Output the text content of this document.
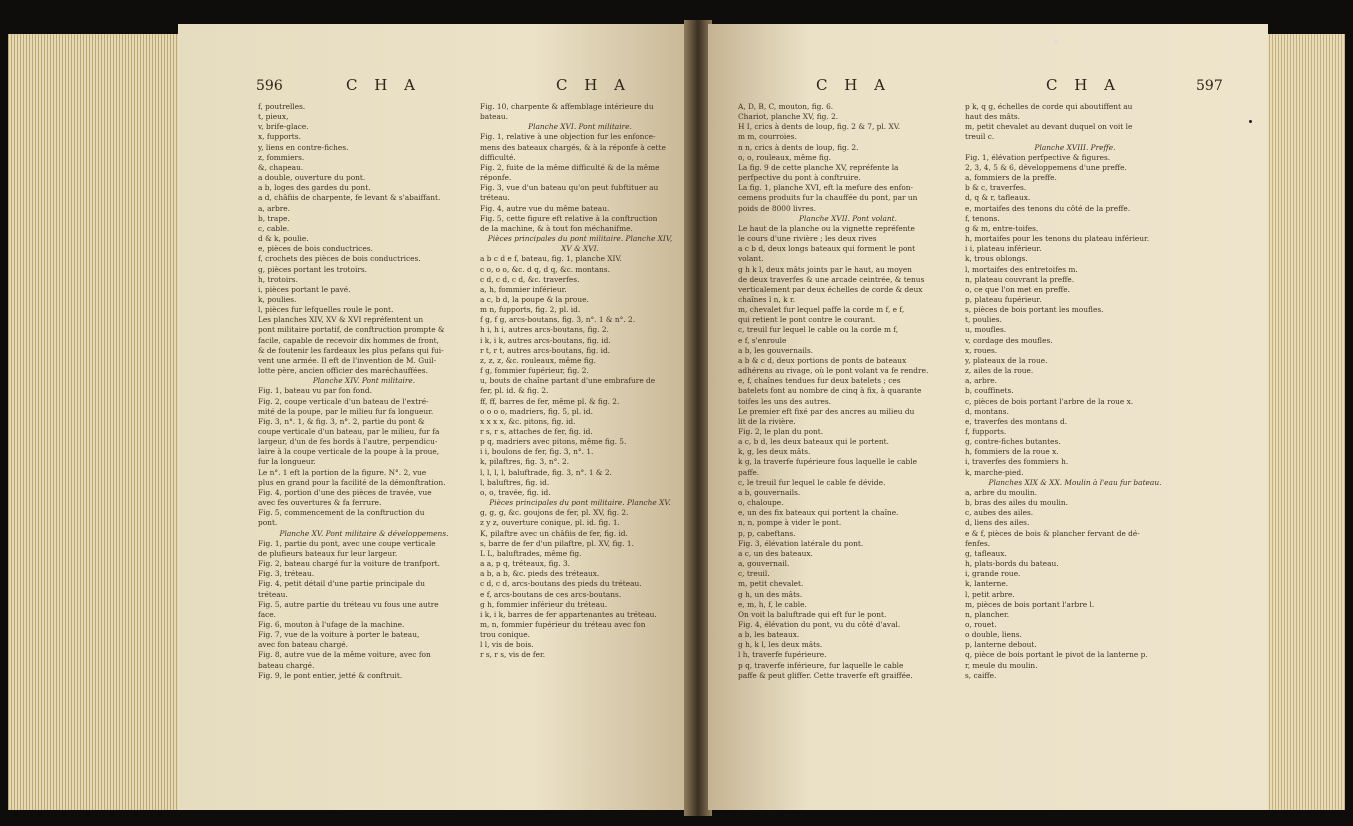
596	C H A	C H A
f, poutrelles.
t, pieux,
v, brife-glace.
x, fupports.
y, liens en contre-fiches.
z, fommiers.
&, chapeau.
a double, ouverture du pont.
a b, loges des gardes du pont.
a d, châfiis de charpente, fe levant & s'abaiffant.
a, arbre.
b, trape.
c, cable.
d & k, poulie.
e, pièces de bois conductrices.
f, crochets des pièces de bois conductrices.
g, pièces portant les trotoirs.
h, trotoirs.
i, pièces portant le pavé.
k, poulies.
l, pièces fur lefquelles roule le pont.
Les planches XIV, XV & XVI repréfentent un
pont militaire portatif, de conftruction prompte &
facile, capable de recevoir dix hommes de front,
& de foutenir les fardeaux les plus pefans qui fui-
vent une armée. Il eft de l'invention de M. Guil-
lotte père, ancien officier des maréchauffées.
Planche XIV. Pont militaire.
Fig. 1, bateau vu par fon fond.
Fig. 2, coupe verticale d'un bateau de l'extré-
mité de la poupe, par le milieu fur fa longueur.
Fig. 3, n°. 1, & fig. 3, n°. 2, partie du pont &
coupe verticale d'un bateau, par le milieu, fur fa
largeur, d'un de fes bords à l'autre, perpendicu-
laire à la coupe verticale de la poupe à la proue,
fur la longueur.
Le n°. 1 eft la portion de la figure. N°. 2, vue
plus en grand pour la facilité de la démonftration.
Fig. 4, portion d'une des pièces de travée, vue
avec fes ouvertures & fa ferrure.
Fig. 5, commencement de la conftruction du
pont.
Planche XV. Pont militaire & développemens.
Fig. 1, partie du pont, avec une coupe verticale
de plufieurs bateaux fur leur largeur.
Fig. 2, bateau chargé fur la voiture de tranfport.
Fig. 3, tréteau.
Fig. 4, petit détail d'une partie principale du
tréteau.
Fig. 5, autre partie du tréteau vu fous une autre
face.
Fig. 6, mouton à l'ufage de la machine.
Fig. 7, vue de la voiture à porter le bateau,
avec fon bateau chargé.
Fig. 8, autre vue de la même voiture, avec fon
bateau chargé.
Fig. 9, le pont entier, jetté & conftruit.
Fig. 10, charpente & affemblage intérieure du
bateau.
Planche XVI. Pont militaire.
Fig. 1, relative à une objection fur les enfonce-
mens des bateaux chargés, & à la réponfe à cette
difficulté.
Fig. 2, fuite de la même difficulté & de la même
réponfe.
Fig. 3, vue d'un bateau qu'on peut fubftituer au
tréteau.
Fig. 4, autre vue du même bateau.
Fig. 5, cette figure eft relative à la conftruction
de la machine, & à tout fon méchanifme.
Pièces principales du pont militaire. Planche XIV,
XV & XVI.
a b c d e f, bateau, fig. 1, planche XIV.
c o, o o, &c. d q, d q, &c. montans.
c d, c d, c d, &c. traverfes.
a, h, fommier inférieur.
a c, b d, la poupe & la proue.
m n, fupports, fig. 2, pl. id.
f g, f g, arcs-boutans, fig. 3, n°. 1 & n°. 2.
h i, h i, autres arcs-boutans, fig. 2.
i k, i k, autres arcs-boutans, fig. id.
r t, r t, autres arcs-boutans, fig. id.
z, z, z, &c. rouleaux, même fig.
f g, fommier fupérieur, fig. 2.
u, bouts de chaîne partant d'une embrafure de
fer, pl. id. & fig. 2.
ff, ff, barres de fer, même pl. & fig. 2.
o o o o, madriers, fig. 5, pl. id.
x x x x, &c. pitons, fig. id.
r s, r s, attaches de fer, fig. id.
p q, madriers avec pitons, même fig. 5.
i i, boulons de fer, fig. 3, n°. 1.
k, pilaftres, fig. 3, n°. 2.
l, l, l, l, baluftrade, fig. 3, n°. 1 & 2.
l, baluftres, fig. id.
o, o, travée, fig. id.
Pièces principales du pont militaire. Planche XV.
g, g, g, &c. goujons de fer, pl. XV, fig. 2.
z y z, ouverture conique, pl. id. fig. 1.
K, pilaftre avec un châfiis de fer, fig. id.
s, barre de fer d'un pilaftre, pl. XV, fig. 1.
L L, baluftrades, même fig.
a a, p q, tréteaux, fig. 3.
a b, a b, &c. pieds des tréteaux.
c d, c d, arcs-boutans des pieds du tréteau.
e f, arcs-boutans de ces arcs-boutans.
g h, fommier inférieur du tréteau.
i k, i k, barres de fer appartenantes au tréteau.
m, n, fommier fupérieur du tréteau avec fon
trou conique.
l l, vis de bois.
r s, r s, vis de fer.
C H A	C H A	597
A, D, B, C, mouton, fig. 6.
Chariot, planche XV, fig. 2.
H I, crics à dents de loup, fig. 2 & 7, pl. XV.
m m, courroies.
n n, crics à dents de loup, fig. 2.
o, o, rouleaux, même fig.
La fig. 9 de cette planche XV, repréfente la
perfpective du pont à conftruire.
La fig. 1, planche XVI, eft la mefure des enfon-
cemens produits fur la chauffée du pont, par un
poids de 8000 livres.
Planche XVII. Pont volant.
Le haut de la planche ou la vignette repréfente
le cours d'une rivière ; les deux rives
a c b d, deux longs bateaux qui forment le pont
volant.
g h k l, deux mâts joints par le haut, au moyen
de deux traverfes & une arcade ceintrée, & tenus
verticalement par deux échelles de corde & deux
chaînes l n, k r.
m, chevalet fur lequel paffe la corde m f, e f,
qui retient le pont contre le courant.
c, treuil fur lequel le cable ou la corde m f,
e f, s'enroule
a b, les gouvernails.
a b & c d, deux portions de ponts de bateaux
adhérens au rivage, où le pont volant va fe rendre.
e, f, chaînes tendues fur deux batelets ; ces
batelets font au nombre de cinq à fix, à quarante
toifes les uns des autres.
Le premier eft fixé par des ancres au milieu du
lit de la rivière.
Fig. 2, le plan du pont.
a c, b d, les deux bateaux qui le portent.
k, g, les deux mâts.
k g, la traverfe fupérieure fous laquelle le cable
paffe.
c, le treuil fur lequel le cable fe dévide.
a b, gouvernails.
o, chaloupe.
e, un des fix bateaux qui portent la chaîne.
n, n, pompe à vider le pont.
p, p, cabeftans.
Fig. 3, élévation latérale du pont.
a c, un des bateaux.
a, gouvernail.
c, treuil.
m, petit chevalet.
g h, un des mâts.
e, m, h, f, le cable.
On voit la baluftrade qui eft fur le pont.
Fig. 4, élévation du pont, vu du côté d'aval.
a b, les bateaux.
g h, k l, les deux mâts.
l h, traverfe fupérieure.
p q, traverfe inférieure, fur laquelle le cable
paffe & peut gliffer. Cette traverfe eft graiffée.
p k, q g, échelles de corde qui aboutiffent au
haut des mâts.
m, petit chevalet au devant duquel on voit le
treuil c.
Planche XVIII. Preffe.
Fig. 1, élévation perfpective & figures.
2, 3, 4, 5 & 6, développemens d'une preffe.
a, fommiers de la preffe.
b & c, traverfes.
d, q & r, tafleaux.
e, mortaifes des tenons du côté de la preffe.
f, tenons.
g & m, entre-toifes.
h, mortaifes pour les tenons du plateau inférieur.
i i, plateau inférieur.
k, trous oblongs.
l, mortaifes des entretoifes m.
n, plateau couvrant la preffe.
o, ce que l'on met en preffe.
p, plateau fupérieur.
s, pièces de bois portant les moufles.
t, poulies.
u, moufles.
v, cordage des moufles.
x, roues.
y, plateaux de la roue.
z, ailes de la roue.
a, arbre.
b, couffinets.
c, pièces de bois portant l'arbre de la roue x.
d, montans.
e, traverfes des montans d.
f, fupports.
g, contre-fiches butantes.
h, fommiers de la roue x.
i, traverfes des fommiers h.
k, marche-pied.
Planches XIX & XX. Moulin à l'eau fur bateau.
a, arbre du moulin.
b, bras des ailes du moulin.
c, aubes des ailes.
d, liens des ailes.
e & f, pièces de bois & plancher fervant de dé-
fenfes.
g, tafleaux.
h, plats-bords du bateau.
i, grande roue.
k, lanterne.
l, petit arbre.
m, pièces de bois portant l'arbre l.
n, plancher.
o, rouet.
o double, liens.
p, lanterne debout.
q, pièce de bois portant le pivot de la lanterne p.
r, meule du moulin.
s, caiffe.
